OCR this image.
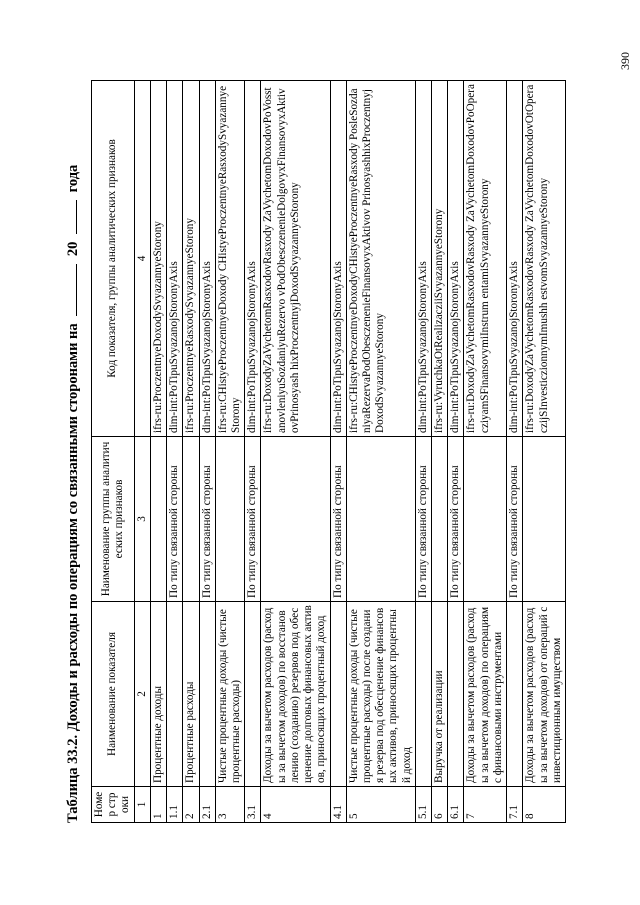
390
Таблица 33.2. Доходы и расходы по операциям со связанными сторонами на  20  года
Номер строки	Наименование показателя	Наименование группы аналитических признаков	Код показателя, группы аналитических признаков
1	2	3	4
1	Процентные доходы		ifrs-ru:ProczentnyeDoxodySvyazannyeStorony
1.1		По типу связанной стороны	dim-int:PoTipuSvyazanojStoronyAxis
2	Процентные расходы		ifrs-ru:ProczentnyeRasxodySvyazannyeStorony
2.1		По типу связанной стороны	dim-int:PoTipuSvyazanojStoronyAxis
3	Чистые процентные доходы (чистые процентные расходы)		ifrs-ru:CHistyeProczentnyeDoxody CHistyeProczentnyeRasxodySvyazannyeStorony
3.1		По типу связанной стороны	dim-int:PoTipuSvyazanojStoronyAxis
4	Доходы за вычетом расходов (расходы за вычетом доходов) по восстановлению (созданию) резервов под обесценение долговых финансовых активов, приносящих процентный доход		ifrs-ru:DoxodyZaVychetomRasxodovRasxody ZaVychetomDoxodovPoVosstanovleniyuSozdaniyuRezervo vPodObesczenenieDolgovyxFinansovyxAktivovPrinosyash hixProczentnyjDoxodSvyazannyeStorony
4.1		По типу связанной стороны	dim-int:PoTipuSvyazanojStoronyAxis
5	Чистые процентные доходы (чистые процентные расходы) после создания резерва под обесценение финансовых активов, приносящих процентный доход		ifrs-ru:CHistyeProczentnyeDoxodyCHistyeProczentnyeRasxody PosleSozdaniyaRezervaPodObesczenenieFinansovyxAktivov PrinosyashhixProczentnyjDoxodSvyazannyeStorony
5.1		По типу связанной стороны	dim-int:PoTipuSvyazanojStoronyAxis
6	Выручка от реализации		ifrs-ru:VyruchkaOtRealizacziiSvyazannyeStorony
6.1		По типу связанной стороны	dim-int:PoTipuSvyazanojStoronyAxis
7	Доходы за вычетом расходов (расходы за вычетом доходов) по операциям с финансовыми инструментами		ifrs-ru:DoxodyZaVychetomRasxodovRasxody ZaVychetomDoxodovPoOperacziyamSFinansovymiInstrum entamiSvyazannyeStorony
7.1		По типу связанной стороны	dim-int:PoTipuSvyazanojStoronyAxis
8	Доходы за вычетом расходов (расходы за вычетом доходов) от операций с инвестиционным имуществом		ifrs-ru:DoxodyZaVychetomRasxodovRasxody ZaVychetomDoxodovOtOperaczijSInvesticzionnymImushh estvomSvyazannyeStorony
